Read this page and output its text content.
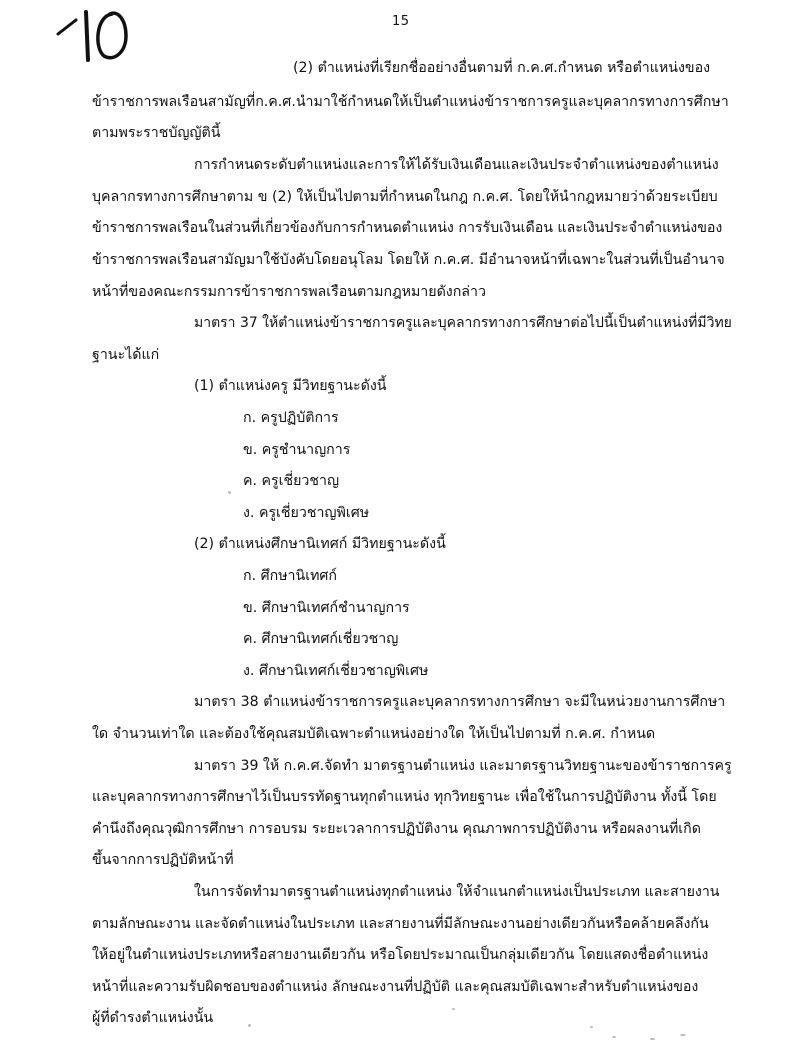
15
(2) ตำแหน่งที่เรียกชื่ออย่างอื่นตามที่ ก.ค.ศ.กำหนด หรือตำแหน่งของ
ข้าราชการพลเรือนสามัญที่ก.ค.ศ.นำมาใช้กำหนดให้เป็นตำแหน่งข้าราชการครูและบุคลากรทางการศึกษา
ตามพระราชบัญญัตินี้
การกำหนดระดับตำแหน่งและการให้ได้รับเงินเดือนและเงินประจำตำแหน่งของตำแหน่ง
บุคลากรทางการศึกษาตาม ข (2) ให้เป็นไปตามที่กำหนดในกฎ ก.ค.ศ. โดยให้นำกฎหมายว่าด้วยระเบียบ
ข้าราชการพลเรือนในส่วนที่เกี่ยวข้องกับการกำหนดตำแหน่ง การรับเงินเดือน และเงินประจำตำแหน่งของ
ข้าราชการพลเรือนสามัญมาใช้บังคับโดยอนุโลม โดยให้ ก.ค.ศ. มีอำนาจหน้าที่เฉพาะในส่วนที่เป็นอำนาจ
หน้าที่ของคณะกรรมการข้าราชการพลเรือนตามกฎหมายดังกล่าว
มาตรา 37 ให้ตำแหน่งข้าราชการครูและบุคลากรทางการศึกษาต่อไปนี้เป็นตำแหน่งที่มีวิทย
ฐานะได้แก่
(1) ตำแหน่งครู มีวิทยฐานะดังนี้
ก. ครูปฏิบัติการ
ข. ครูชำนาญการ
ค. ครูเชี่ยวชาญ
ง. ครูเชี่ยวชาญพิเศษ
(2) ตำแหน่งศึกษานิเทศก์ มีวิทยฐานะดังนี้
ก. ศึกษานิเทศก์
ข. ศึกษานิเทศก์ชำนาญการ
ค. ศึกษานิเทศก์เชี่ยวชาญ
ง. ศึกษานิเทศก์เชี่ยวชาญพิเศษ
มาตรา 38 ตำแหน่งข้าราชการครูและบุคลากรทางการศึกษา จะมีในหน่วยงานการศึกษา
ใด จำนวนเท่าใด และต้องใช้คุณสมบัติเฉพาะตำแหน่งอย่างใด ให้เป็นไปตามที่ ก.ค.ศ. กำหนด
มาตรา 39 ให้ ก.ค.ศ.จัดทำ มาตรฐานตำแหน่ง และมาตรฐานวิทยฐานะของข้าราชการครู
และบุคลากรทางการศึกษาไว้เป็นบรรทัดฐานทุกตำแหน่ง ทุกวิทยฐานะ เพื่อใช้ในการปฏิบัติงาน ทั้งนี้ โดย
คำนึงถึงคุณวุฒิการศึกษา การอบรม ระยะเวลาการปฏิบัติงาน คุณภาพการปฏิบัติงาน หรือผลงานที่เกิด
ขึ้นจากการปฏิบัติหน้าที่
ในการจัดทำมาตรฐานตำแหน่งทุกตำแหน่ง ให้จำแนกตำแหน่งเป็นประเภท และสายงาน
ตามลักษณะงาน และจัดตำแหน่งในประเภท และสายงานที่มีลักษณะงานอย่างเดียวกันหรือคล้ายคลึงกัน
ให้อยู่ในตำแหน่งประเภทหรือสายงานเดียวกัน หรือโดยประมาณเป็นกลุ่มเดียวกัน โดยแสดงชื่อตำแหน่ง
หน้าที่และความรับผิดชอบของตำแหน่ง ลักษณะงานที่ปฏิบัติ และคุณสมบัติเฉพาะสำหรับตำแหน่งของ
ผู้ที่ดำรงตำแหน่งนั้น
